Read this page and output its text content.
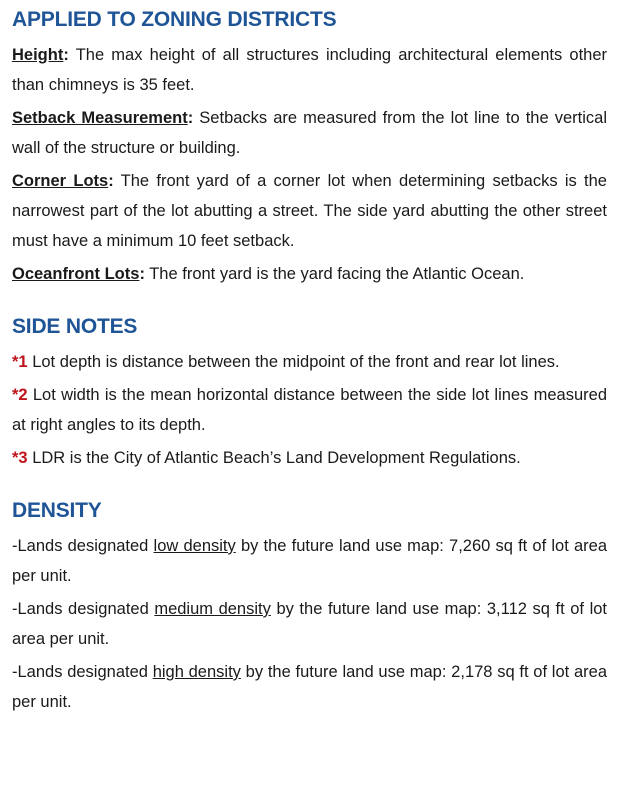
APPLIED TO ZONING DISTRICTS
Height: The max height of all structures including architectural elements other than chimneys is 35 feet.
Setback Measurement: Setbacks are measured from the lot line to the vertical wall of the structure or building.
Corner Lots: The front yard of a corner lot when determining setbacks is the narrowest part of the lot abutting a street. The side yard abutting the other street must have a minimum 10 feet setback.
Oceanfront Lots: The front yard is the yard facing the Atlantic Ocean.
SIDE NOTES
*1 Lot depth is distance between the midpoint of the front and rear lot lines.
*2 Lot width is the mean horizontal distance between the side lot lines measured at right angles to its depth.
*3 LDR is the City of Atlantic Beach’s Land Development Regulations.
DENSITY
-Lands designated low density by the future land use map: 7,260 sq ft of lot area per unit.
-Lands designated medium density by the future land use map: 3,112 sq ft of lot area per unit.
-Lands designated high density by the future land use map: 2,178 sq ft of lot area per unit.
